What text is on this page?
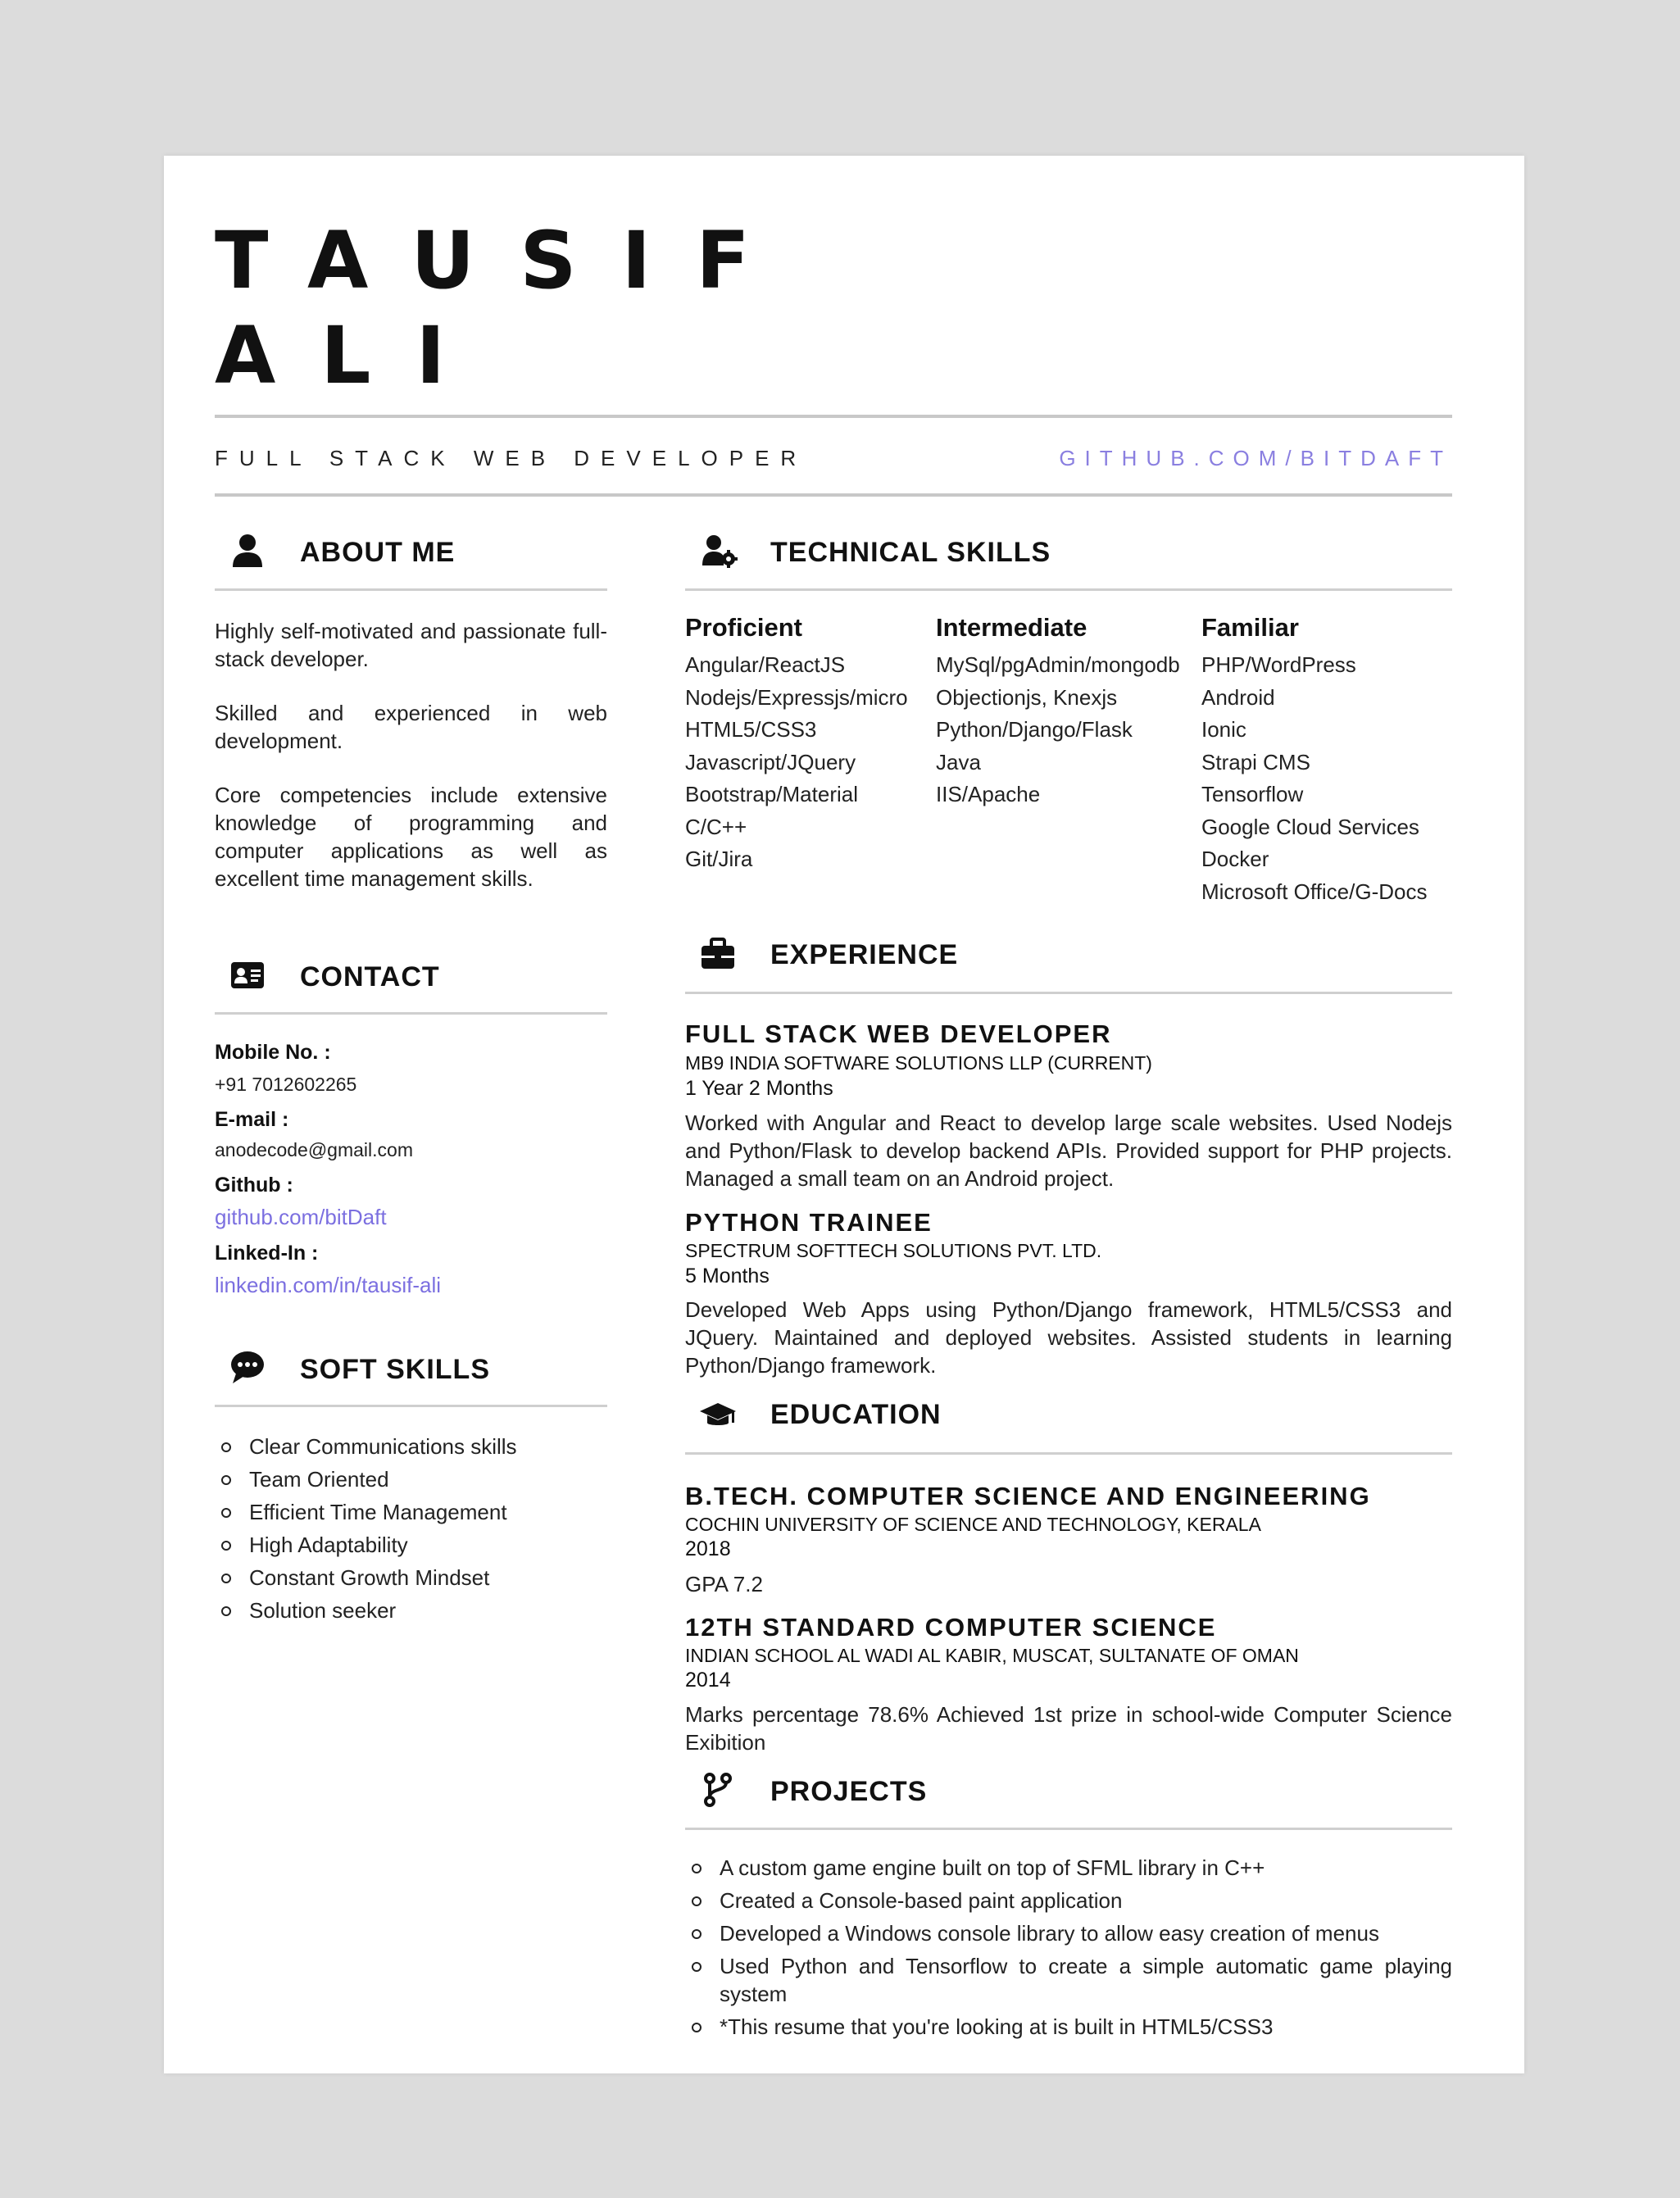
TAUSIF
ALI
FULL STACK WEB DEVELOPER	GITHUB.COM/BITDAFT
ABOUT ME

Highly self-motivated and passionate full-stack developer.

Skilled and experienced in web development.

Core competencies include extensive knowledge of programming and computer applications as well as excellent time management skills.

CONTACT
Mobile No. :
+91 7012602265
E-mail :
anodecode@gmail.com
Github :
github.com/bitDaft
Linked-In :
linkedin.com/in/tausif-ali
SOFT SKILLS
Clear Communications skills
Team Oriented
Efficient Time Management
High Adaptability
Constant Growth Mindset
Solution seeker
TECHNICAL SKILLS
Proficient
Angular/ReactJS
Nodejs/Expressjs/micro
HTML5/CSS3
Javascript/JQuery
Bootstrap/Material
C/C++
Git/Jira
Intermediate
MySql/pgAdmin/mongodb
Objectionjs, Knexjs
Python/Django/Flask
Java
IIS/Apache
Familiar
PHP/WordPress
Android
Ionic
Strapi CMS
Tensorflow
Google Cloud Services
Docker
Microsoft Office/G-Docs
EXPERIENCE
FULL STACK WEB DEVELOPER
MB9 INDIA SOFTWARE SOLUTIONS LLP (CURRENT)
1 Year 2 Months

Worked with Angular and React to develop large scale websites. Used Nodejs and Python/Flask to develop backend APIs. Provided support for PHP projects. Managed a small team on an Android project.

PYTHON TRAINEE
SPECTRUM SOFTTECH SOLUTIONS PVT. LTD.
5 Months

Developed Web Apps using Python/Django framework, HTML5/CSS3 and JQuery. Maintained and deployed websites. Assisted students in learning Python/Django framework.

EDUCATION
B.TECH. COMPUTER SCIENCE AND ENGINEERING
COCHIN UNIVERSITY OF SCIENCE AND TECHNOLOGY, KERALA
2018

GPA 7.2

12TH STANDARD COMPUTER SCIENCE
INDIAN SCHOOL AL WADI AL KABIR, MUSCAT, SULTANATE OF OMAN
2014

Marks percentage 78.6% Achieved 1st prize in school-wide Computer Science Exibition

PROJECTS
A custom game engine built on top of SFML library in C++
Created a Console-based paint application
Developed a Windows console library to allow easy creation of menus
Used Python and Tensorflow to create a simple automatic game playing system
*This resume that you're looking at is built in HTML5/CSS3
